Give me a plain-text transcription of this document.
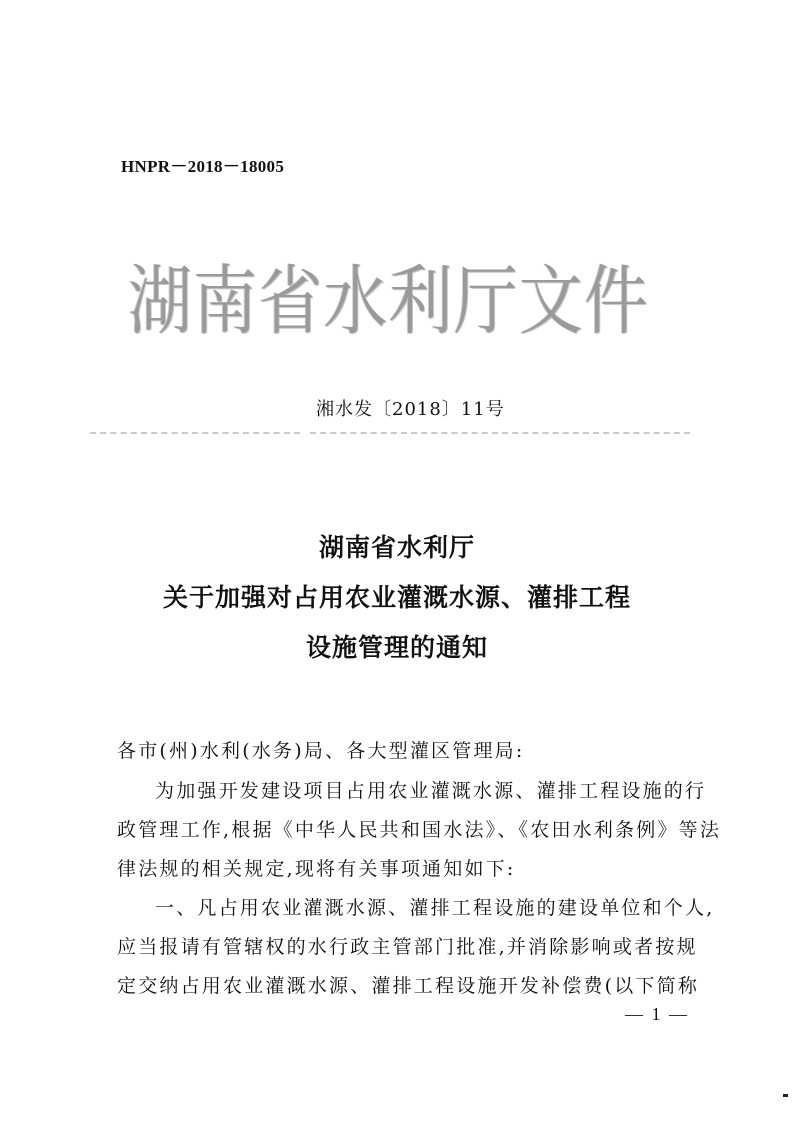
HNPR－2018－18005
湖 南 省 水 利 厅 文 件
湘水发〔2018〕11号
湖南省水利厅
关于加强对占用农业灌溉水源、灌排工程
设施管理的通知
各市(州)水利(水务)局、各大型灌区管理局:
为加强开发建设项目占用农业灌溉水源、灌排工程设施的行
政管理工作,根据《中华人民共和国水法》、《农田水利条例》等法
律法规的相关规定,现将有关事项通知如下:
一、凡占用农业灌溉水源、灌排工程设施的建设单位和个人,
应当报请有管辖权的水行政主管部门批准,并消除影响或者按规
定交纳占用农业灌溉水源、灌排工程设施开发补偿费(以下简称
— 1 —
